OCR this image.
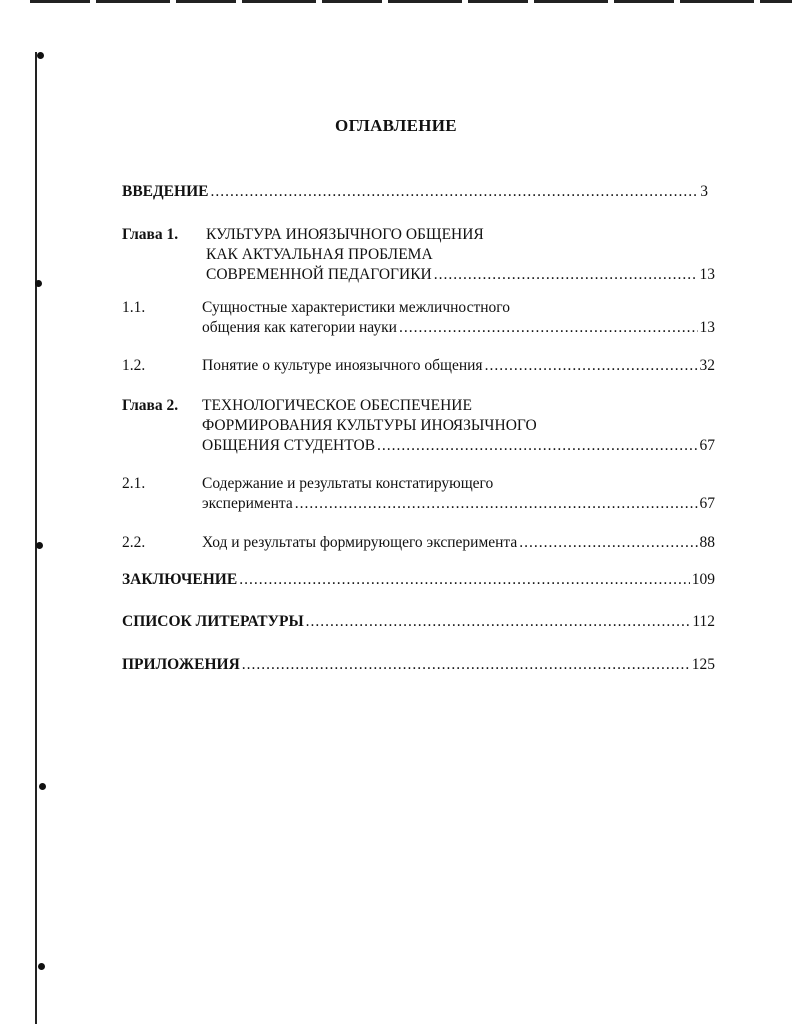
ОГЛАВЛЕНИЕ
ВВЕДЕНИЕ .....	3
Глава 1. КУЛЬТУРА ИНОЯЗЫЧНОГО ОБЩЕНИЯ
КАК АКТУАЛЬНАЯ ПРОБЛЕМА
СОВРЕМЕННОЙ ПЕДАГОГИКИ .....	13
1.1.	Сущностные характеристики межличностного
общения как категории науки .....	13
1.2.	Понятие о культуре иноязычного общения .....	32
Глава 2. ТЕХНОЛОГИЧЕСКОЕ ОБЕСПЕЧЕНИЕ
ФОРМИРОВАНИЯ КУЛЬТУРЫ ИНОЯЗЫЧНОГО
ОБЩЕНИЯ СТУДЕНТОВ .....	67
2.1.	Содержание и результаты констатирующего
эксперимента .....	67
2.2.	Ход и результаты формирующего эксперимента .....	88
ЗАКЛЮЧЕНИЕ .....	109
СПИСОК ЛИТЕРАТУРЫ .....	112
ПРИЛОЖЕНИЯ .....	125
